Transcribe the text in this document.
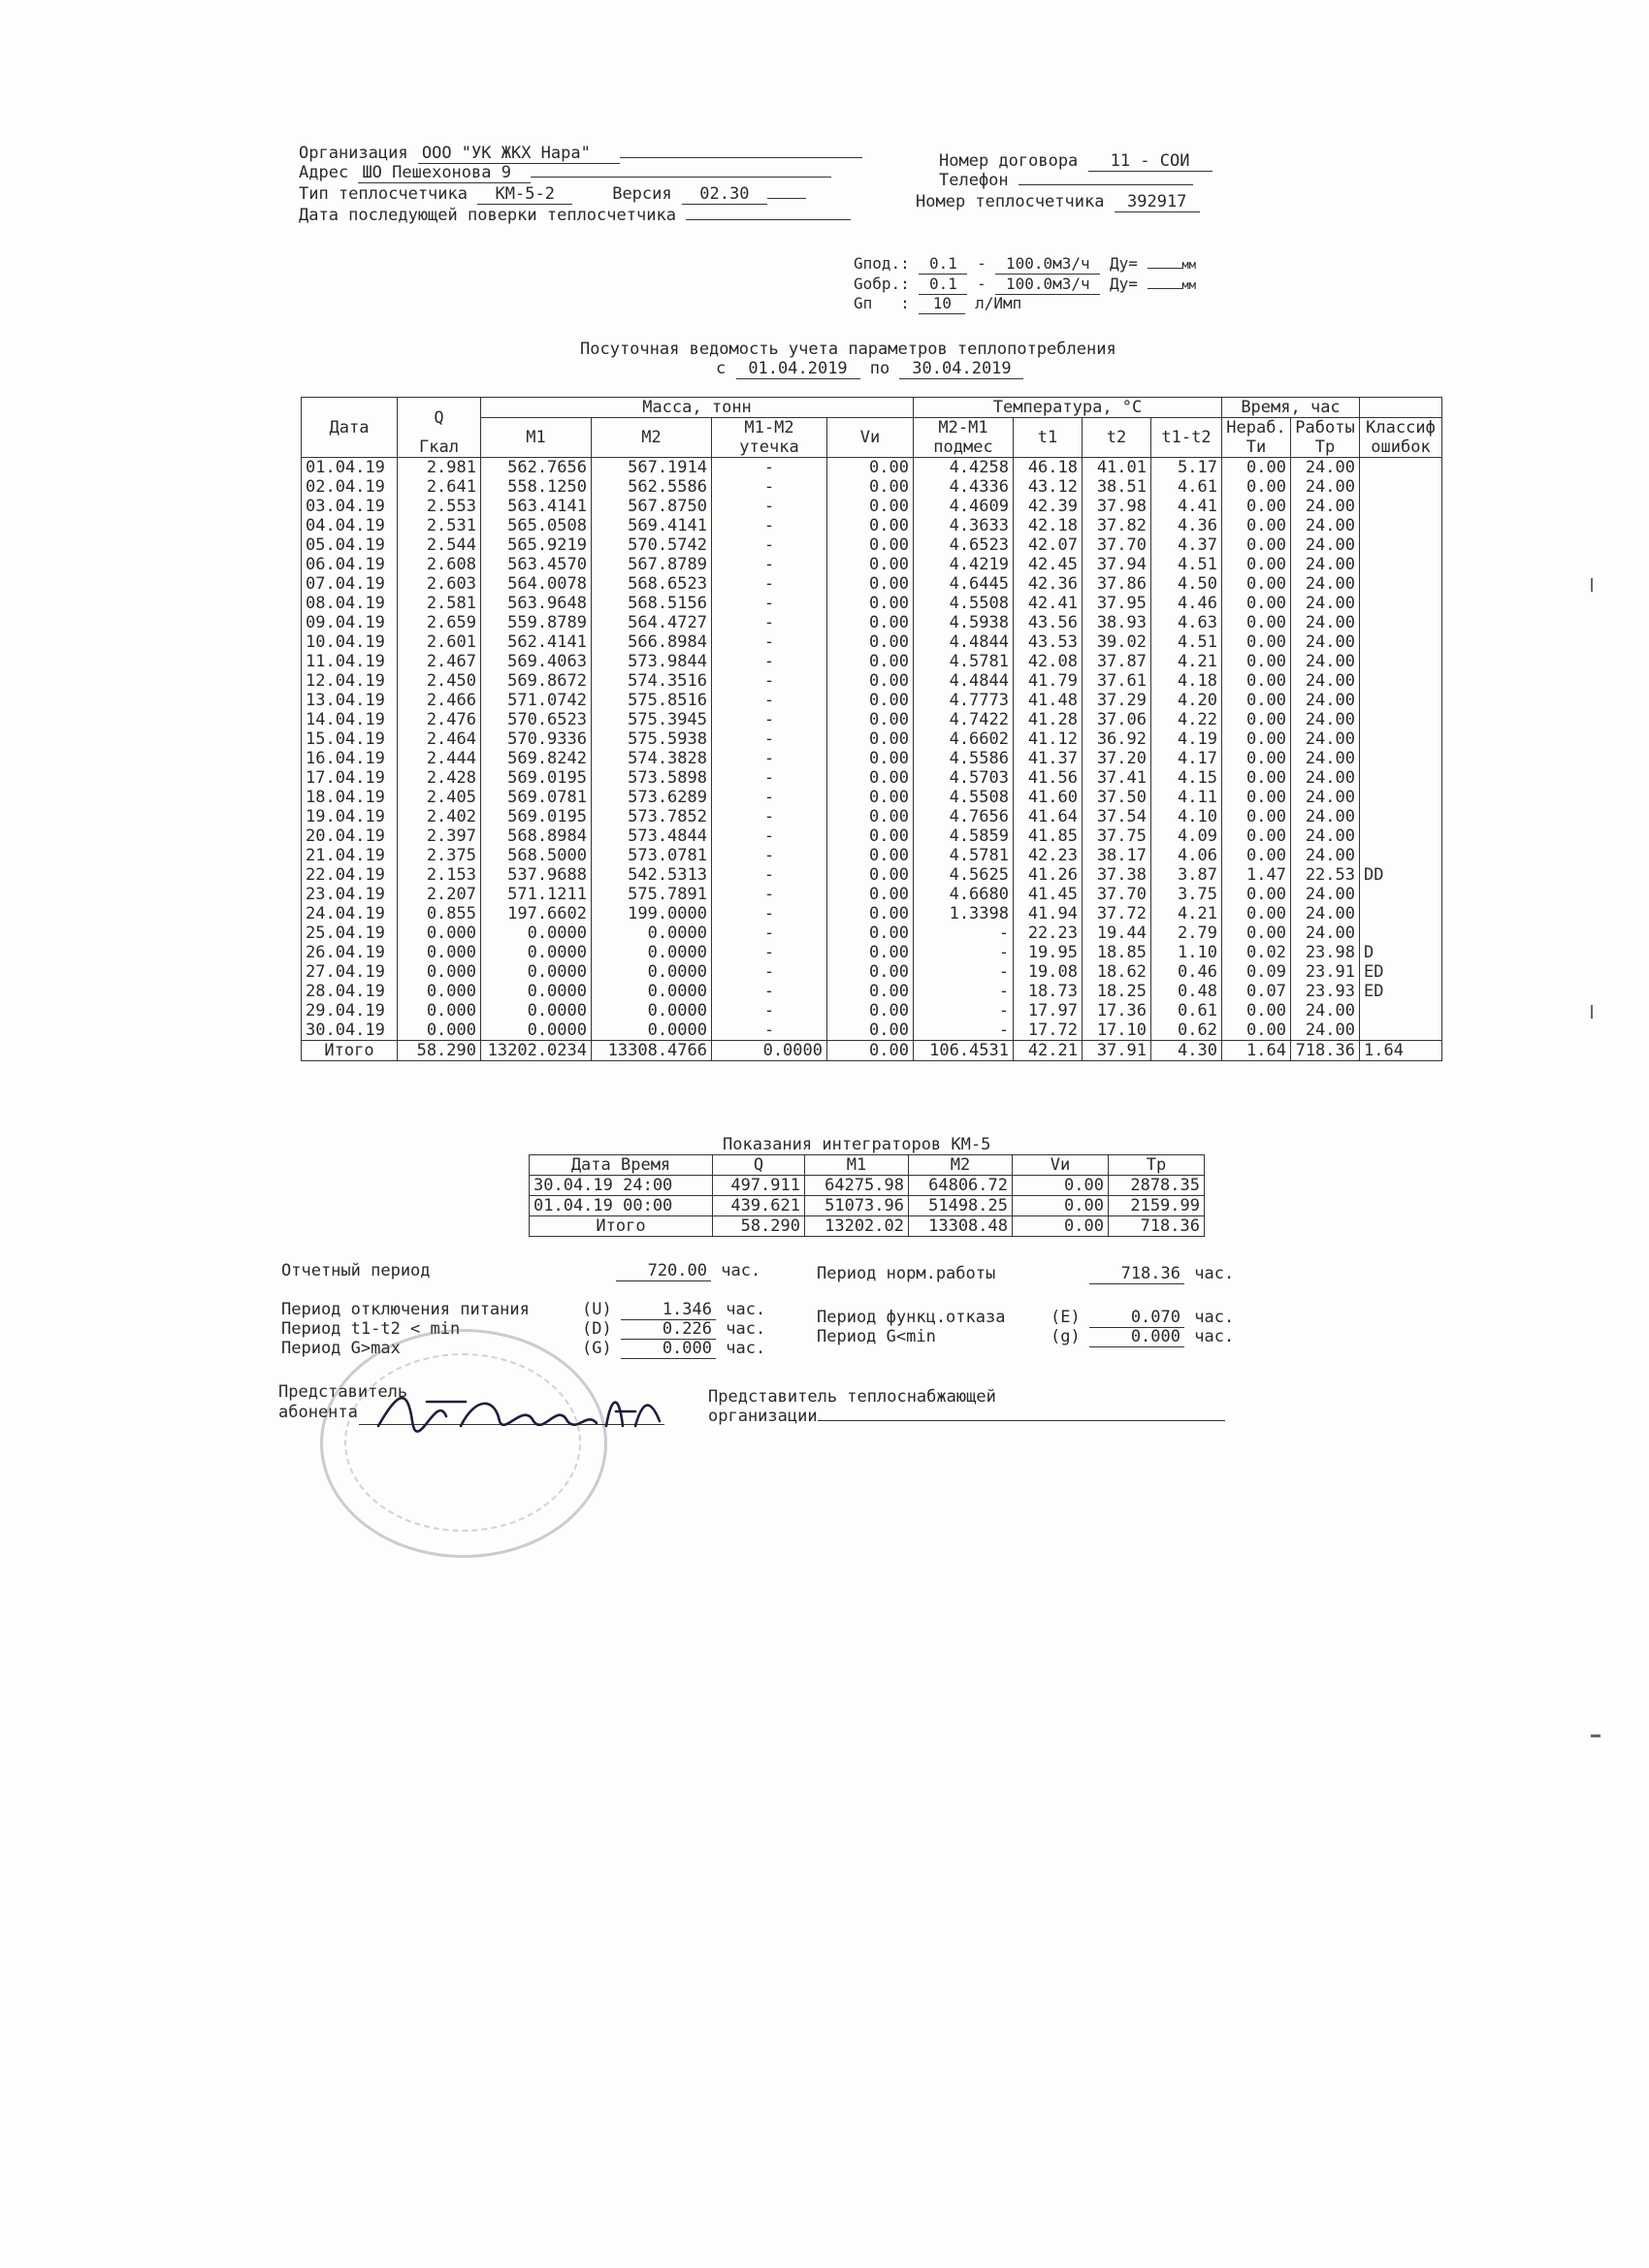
Организация ООО "УК ЖКХ Нара"
Адрес ШО Пешехонова 9
Тип теплосчетчика КМ-5-2	Версия 02.30
Дата последующей поверки теплосчетчика
Номер договора 11 - СОИ
Телефон
Номер теплосчетчика 392917
Gпод.: 0.1 - 100.0м3/ч Ду=	мм
Gобр.: 0.1 - 100.0м3/ч Ду=	мм
Gп   : 10 л/Имп
Посуточная ведомость учета параметров теплопотребления
с 01.04.2019 по 30.04.2019
Дата	Q	Масса, тонн				Температура, °C				Время, час		
		M1	M2	M1-M2	Vи	M2-M1	t1	t2	t1-t2	Нераб.	Работы	Классиф
	Гкал			утечка		подмес				Tи	Tр	ошибок
01.04.19	2.981	562.7656	567.1914	-	0.00	4.4258	46.18	41.01	5.17	0.00	24.00	
02.04.19	2.641	558.1250	562.5586	-	0.00	4.4336	43.12	38.51	4.61	0.00	24.00	
03.04.19	2.553	563.4141	567.8750	-	0.00	4.4609	42.39	37.98	4.41	0.00	24.00	
04.04.19	2.531	565.0508	569.4141	-	0.00	4.3633	42.18	37.82	4.36	0.00	24.00	
05.04.19	2.544	565.9219	570.5742	-	0.00	4.6523	42.07	37.70	4.37	0.00	24.00	
06.04.19	2.608	563.4570	567.8789	-	0.00	4.4219	42.45	37.94	4.51	0.00	24.00	
07.04.19	2.603	564.0078	568.6523	-	0.00	4.6445	42.36	37.86	4.50	0.00	24.00	
08.04.19	2.581	563.9648	568.5156	-	0.00	4.5508	42.41	37.95	4.46	0.00	24.00	
09.04.19	2.659	559.8789	564.4727	-	0.00	4.5938	43.56	38.93	4.63	0.00	24.00	
10.04.19	2.601	562.4141	566.8984	-	0.00	4.4844	43.53	39.02	4.51	0.00	24.00	
11.04.19	2.467	569.4063	573.9844	-	0.00	4.5781	42.08	37.87	4.21	0.00	24.00	
12.04.19	2.450	569.8672	574.3516	-	0.00	4.4844	41.79	37.61	4.18	0.00	24.00	
13.04.19	2.466	571.0742	575.8516	-	0.00	4.7773	41.48	37.29	4.20	0.00	24.00	
14.04.19	2.476	570.6523	575.3945	-	0.00	4.7422	41.28	37.06	4.22	0.00	24.00	
15.04.19	2.464	570.9336	575.5938	-	0.00	4.6602	41.12	36.92	4.19	0.00	24.00	
16.04.19	2.444	569.8242	574.3828	-	0.00	4.5586	41.37	37.20	4.17	0.00	24.00	
17.04.19	2.428	569.0195	573.5898	-	0.00	4.5703	41.56	37.41	4.15	0.00	24.00	
18.04.19	2.405	569.0781	573.6289	-	0.00	4.5508	41.60	37.50	4.11	0.00	24.00	
19.04.19	2.402	569.0195	573.7852	-	0.00	4.7656	41.64	37.54	4.10	0.00	24.00	
20.04.19	2.397	568.8984	573.4844	-	0.00	4.5859	41.85	37.75	4.09	0.00	24.00	
21.04.19	2.375	568.5000	573.0781	-	0.00	4.5781	42.23	38.17	4.06	0.00	24.00	
22.04.19	2.153	537.9688	542.5313	-	0.00	4.5625	41.26	37.38	3.87	1.47	22.53	DD
23.04.19	2.207	571.1211	575.7891	-	0.00	4.6680	41.45	37.70	3.75	0.00	24.00	
24.04.19	0.855	197.6602	199.0000	-	0.00	1.3398	41.94	37.72	4.21	0.00	24.00	
25.04.19	0.000	0.0000	0.0000	-	0.00	-	22.23	19.44	2.79	0.00	24.00	
26.04.19	0.000	0.0000	0.0000	-	0.00	-	19.95	18.85	1.10	0.02	23.98	D
27.04.19	0.000	0.0000	0.0000	-	0.00	-	19.08	18.62	0.46	0.09	23.91	ED
28.04.19	0.000	0.0000	0.0000	-	0.00	-	18.73	18.25	0.48	0.07	23.93	ED
29.04.19	0.000	0.0000	0.0000	-	0.00	-	17.97	17.36	0.61	0.00	24.00	
30.04.19	0.000	0.0000	0.0000	-	0.00	-	17.72	17.10	0.62	0.00	24.00	
Итого	58.290	13202.0234	13308.4766	0.0000	0.00	106.4531	42.21	37.91	4.30	1.64	718.36	1.64
Показания интеграторов КМ-5
Дата Время	Q	M1	M2	Vи	Tр
30.04.19 24:00	497.911	64275.98	64806.72	0.00	2878.35
01.04.19 00:00	439.621	51073.96	51498.25	0.00	2159.99
Итого	58.290	13202.02	13308.48	0.00	718.36
Отчетный период	720.00 час.	Период норм.работы	718.36 час.
Период отключения питания	(U)	1.346 час.
Период t1-t2 < min	(D)	0.226 час.
Период G>max	(G)	0.000 час.
Период функц.отказа	(E)	0.070 час.
Период G<min	(g)	0.000 час.
Представитель
абонента
Представитель теплоснабжающей
организации
